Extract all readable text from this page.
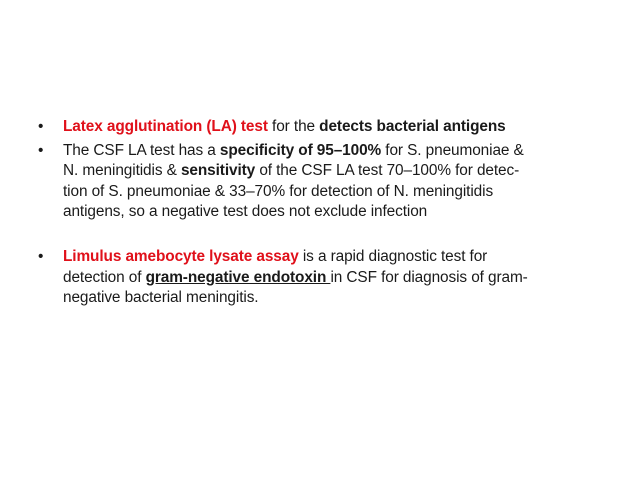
• Latex agglutination (LA) test for the detects bacterial antigens
• The CSF LA test has a specificity of 95–100% for S. pneumoniae &
N. meningitidis & sensitivity of the CSF LA test 70–100% for detec-
tion of S. pneumoniae & 33–70% for detection of N. meningitidis
antigens, so a negative test does not exclude infection
• Limulus amebocyte lysate assay is a rapid diagnostic test for
detection of gram-negative endotoxin in CSF for diagnosis of gram-
negative bacterial meningitis.
